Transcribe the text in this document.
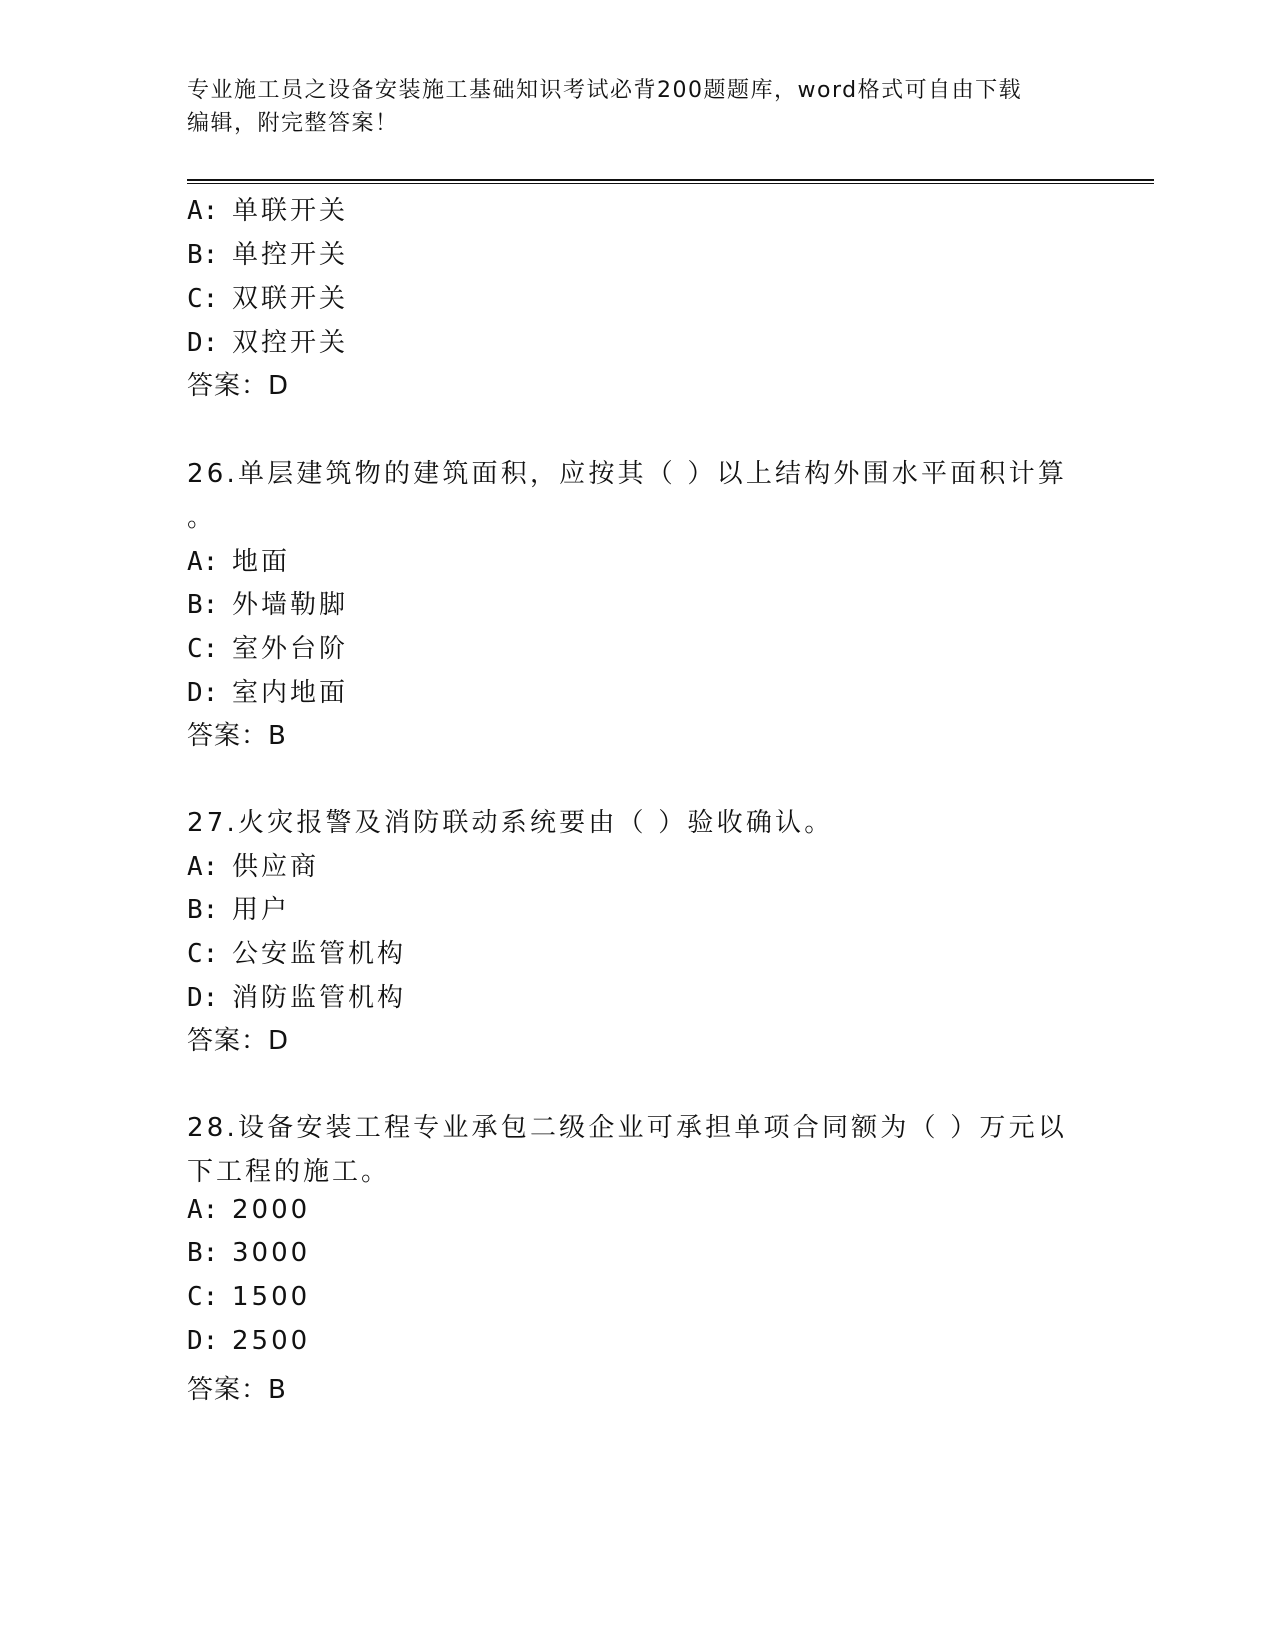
专业施工员之设备安装施工基础知识考试必背200题题库，word格式可自由下载
编辑，附完整答案！
A: 单联开关
B: 单控开关
C: 双联开关
D: 双控开关
答案：D
26.单层建筑物的建筑面积，应按其（ ）以上结构外围水平面积计算
。
A: 地面
B: 外墙勒脚
C: 室外台阶
D: 室内地面
答案：B
27.火灾报警及消防联动系统要由（ ）验收确认。
A: 供应商
B: 用户
C: 公安监管机构
D: 消防监管机构
答案：D
28.设备安装工程专业承包二级企业可承担单项合同额为（ ）万元以
下工程的施工。
A: 2000
B: 3000
C: 1500
D: 2500
答案：B
